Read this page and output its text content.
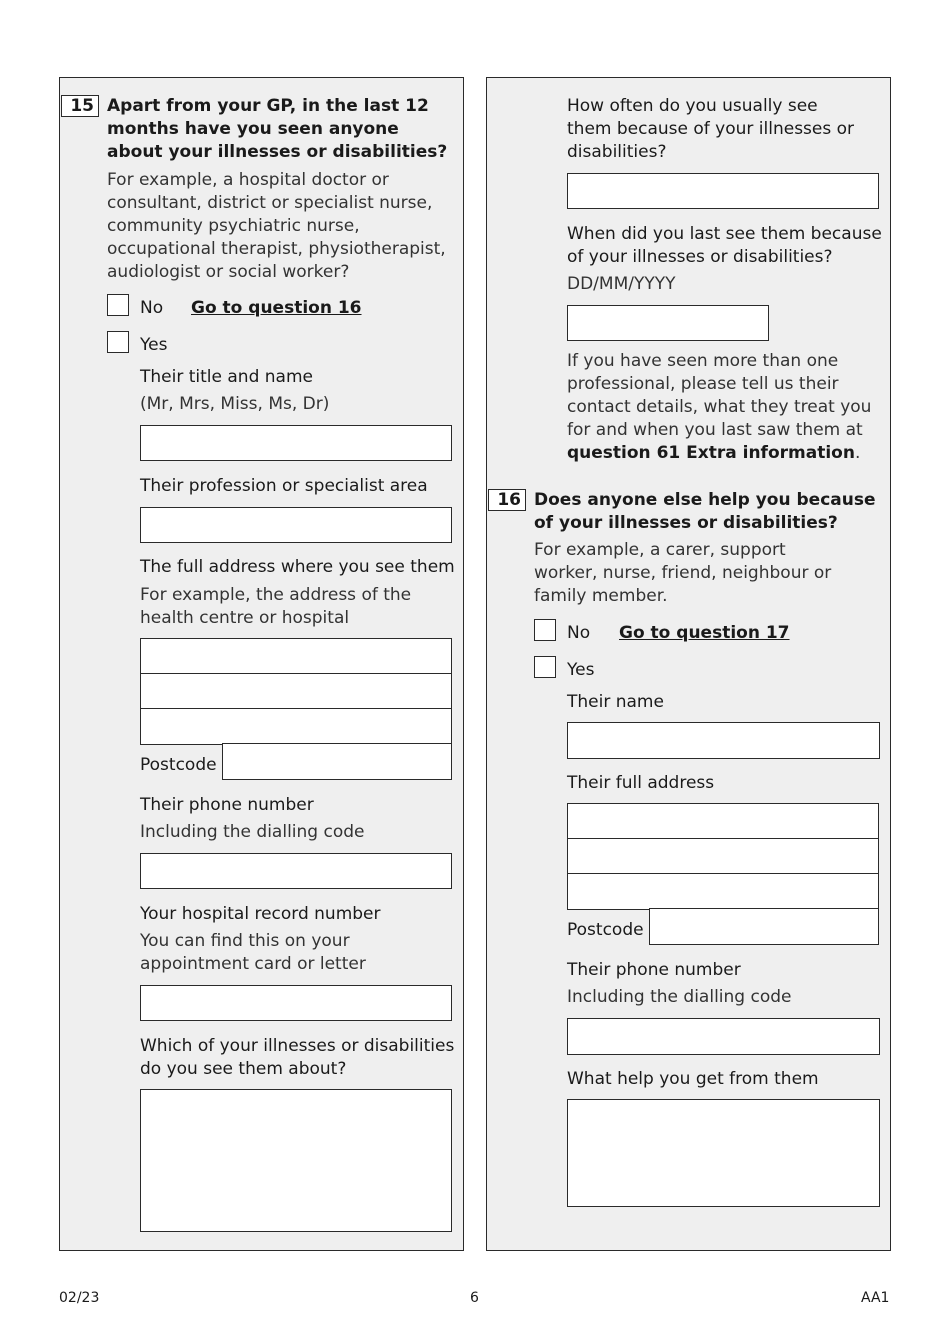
15 Apart from your GP, in the last 12 months have you seen anyone about your illnesses or disabilities?
For example, a hospital doctor or consultant, district or specialist nurse, community psychiatric nurse, occupational therapist, physiotherapist, audiologist or social worker?
No Go to question 16
Yes
Their title and name
(Mr, Mrs, Miss, Ms, Dr)
Their profession or specialist area
The full address where you see them
For example, the address of the health centre or hospital
Postcode
Their phone number
Including the dialling code
Your hospital record number
You can find this on your appointment card or letter
Which of your illnesses or disabilities do you see them about?
How often do you usually see them because of your illnesses or disabilities?
When did you last see them because of your illnesses or disabilities?
DD/MM/YYYY
If you have seen more than one professional, please tell us their contact details, what they treat you for and when you last saw them at question 61 Extra information.
16 Does anyone else help you because of your illnesses or disabilities?
For example, a carer, support worker, nurse, friend, neighbour or family member.
No Go to question 17
Yes
Their name
Their full address
Postcode
Their phone number
Including the dialling code
What help you get from them
02/23	6	AA1
